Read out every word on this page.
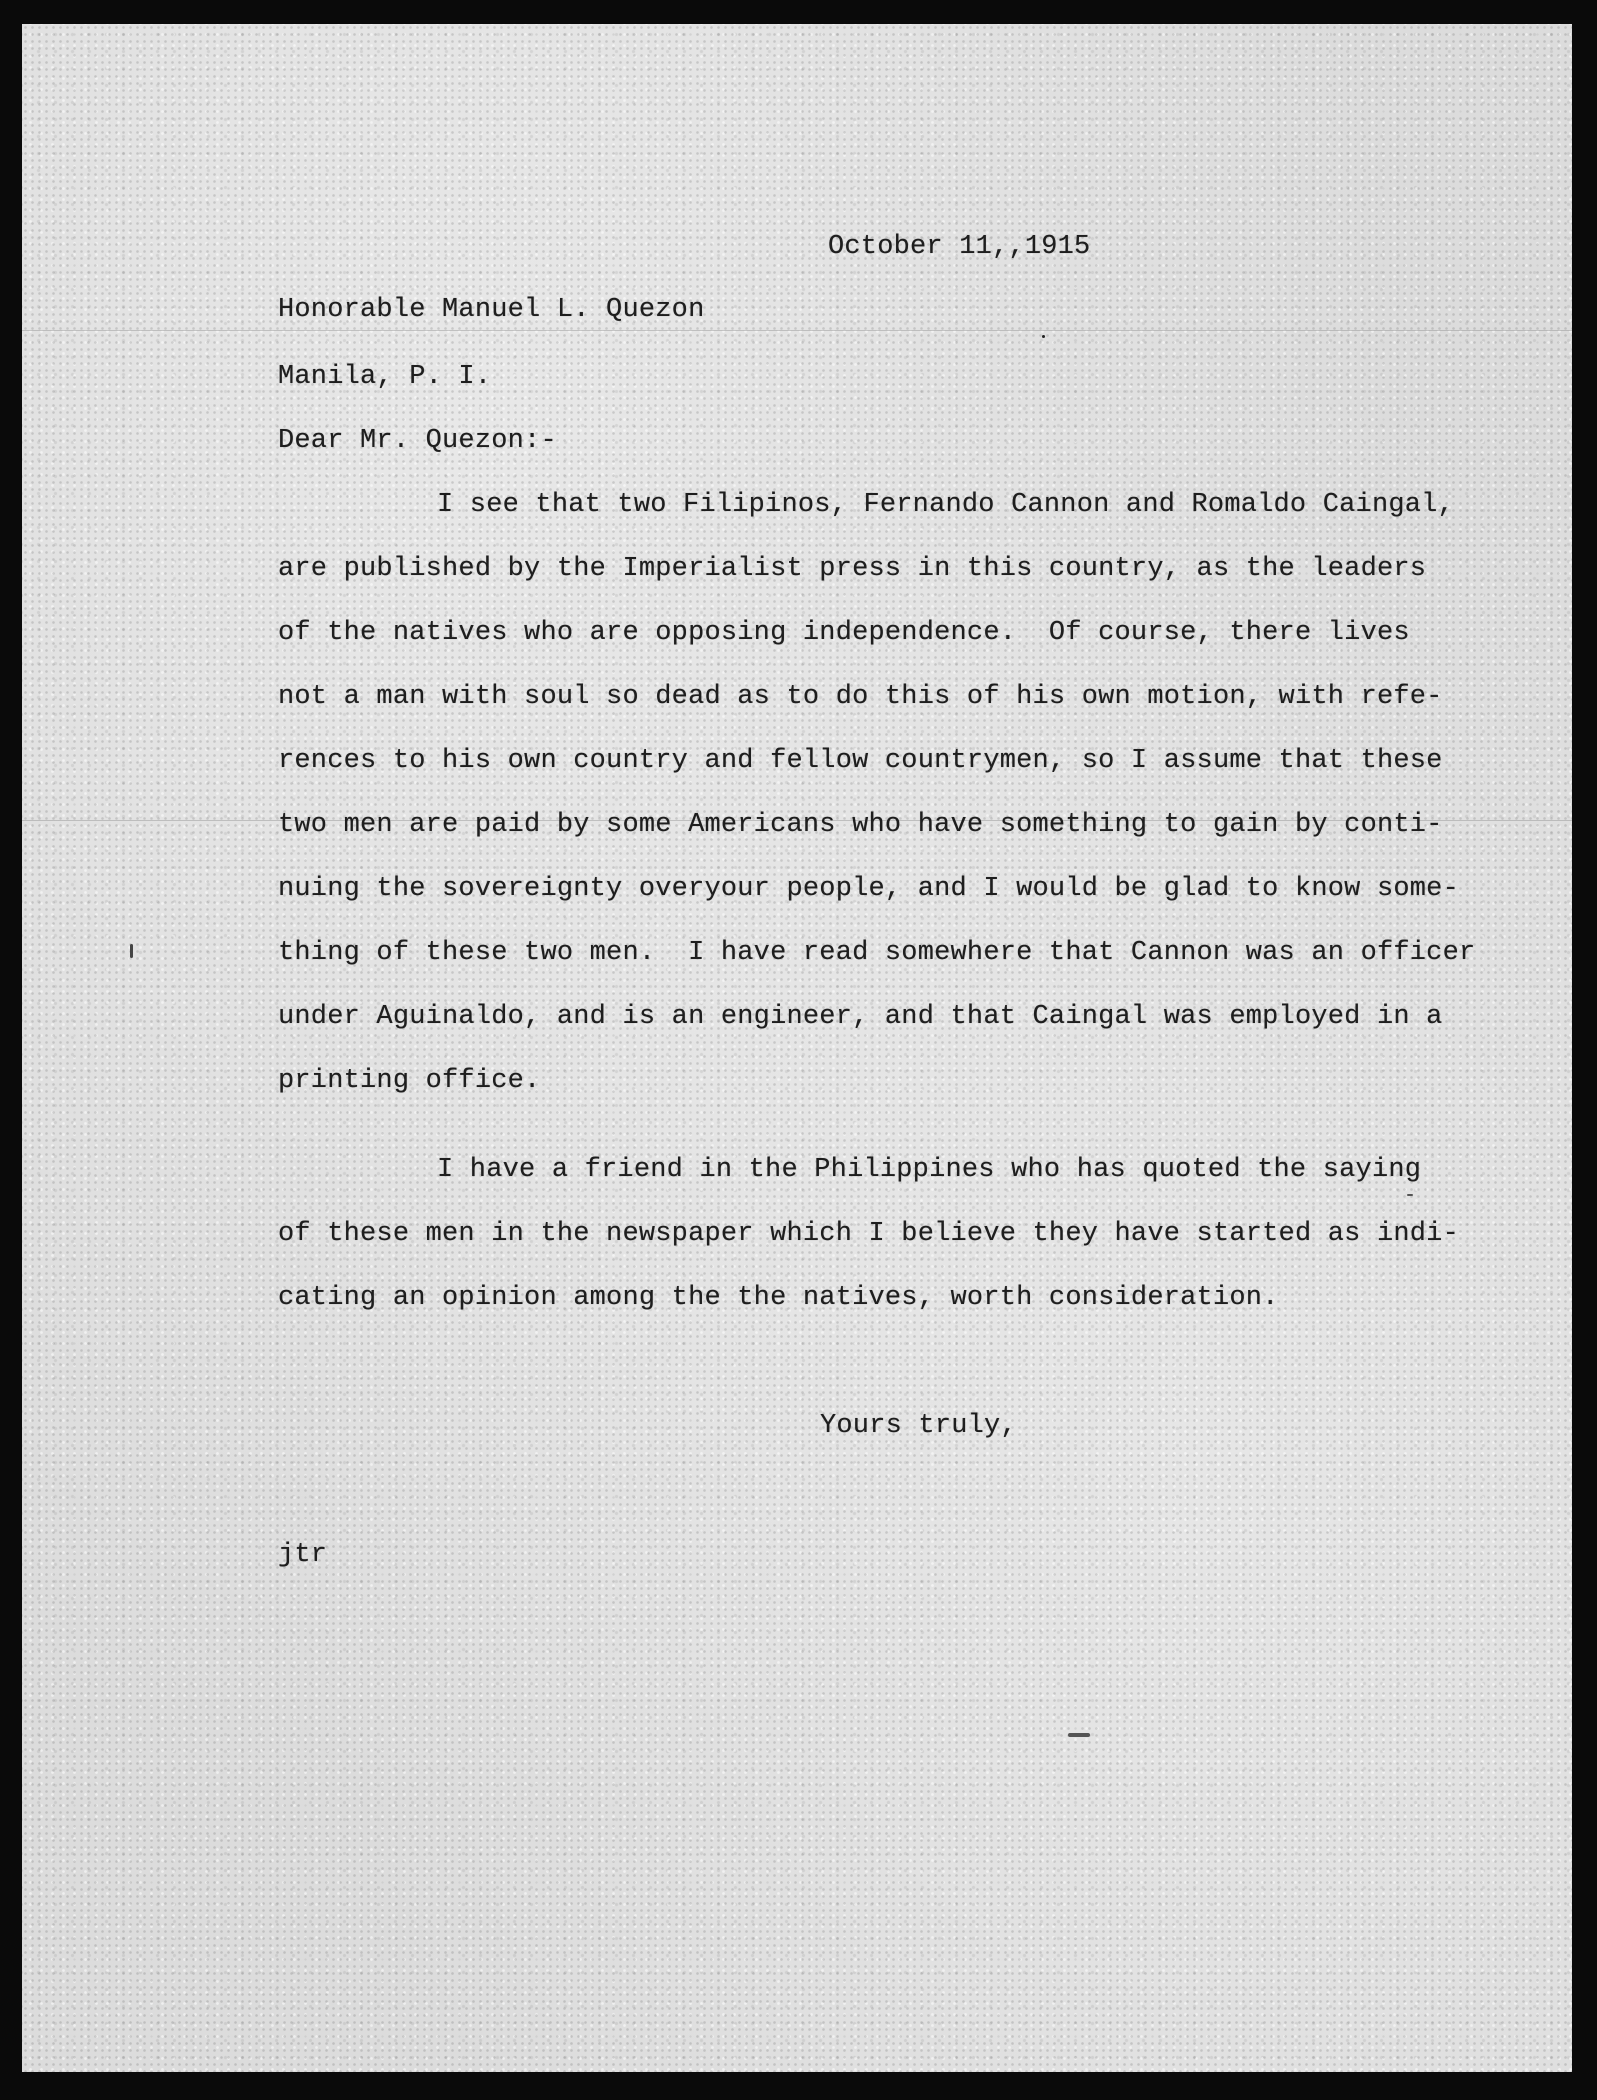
October 11,,1915
Honorable Manuel L. Quezon
Manila, P. I.
Dear Mr. Quezon:-
I see that two Filipinos, Fernando Cannon and Romaldo Caingal,
are published by the Imperialist press in this country, as the leaders
of the natives who are opposing independence.  Of course, there lives
not a man with soul so dead as to do this of his own motion, with refe-
rences to his own country and fellow countrymen, so I assume that these
two men are paid by some Americans who have something to gain by conti-
nuing the sovereignty overyour people, and I would be glad to know some-
thing of these two men.  I have read somewhere that Cannon was an officer
under Aguinaldo, and is an engineer, and that Caingal was employed in a
printing office.
I have a friend in the Philippines who has quoted the saying
of these men in the newspaper which I believe they have started as indi-
cating an opinion among the the natives, worth consideration.
Yours truly,
jtr
